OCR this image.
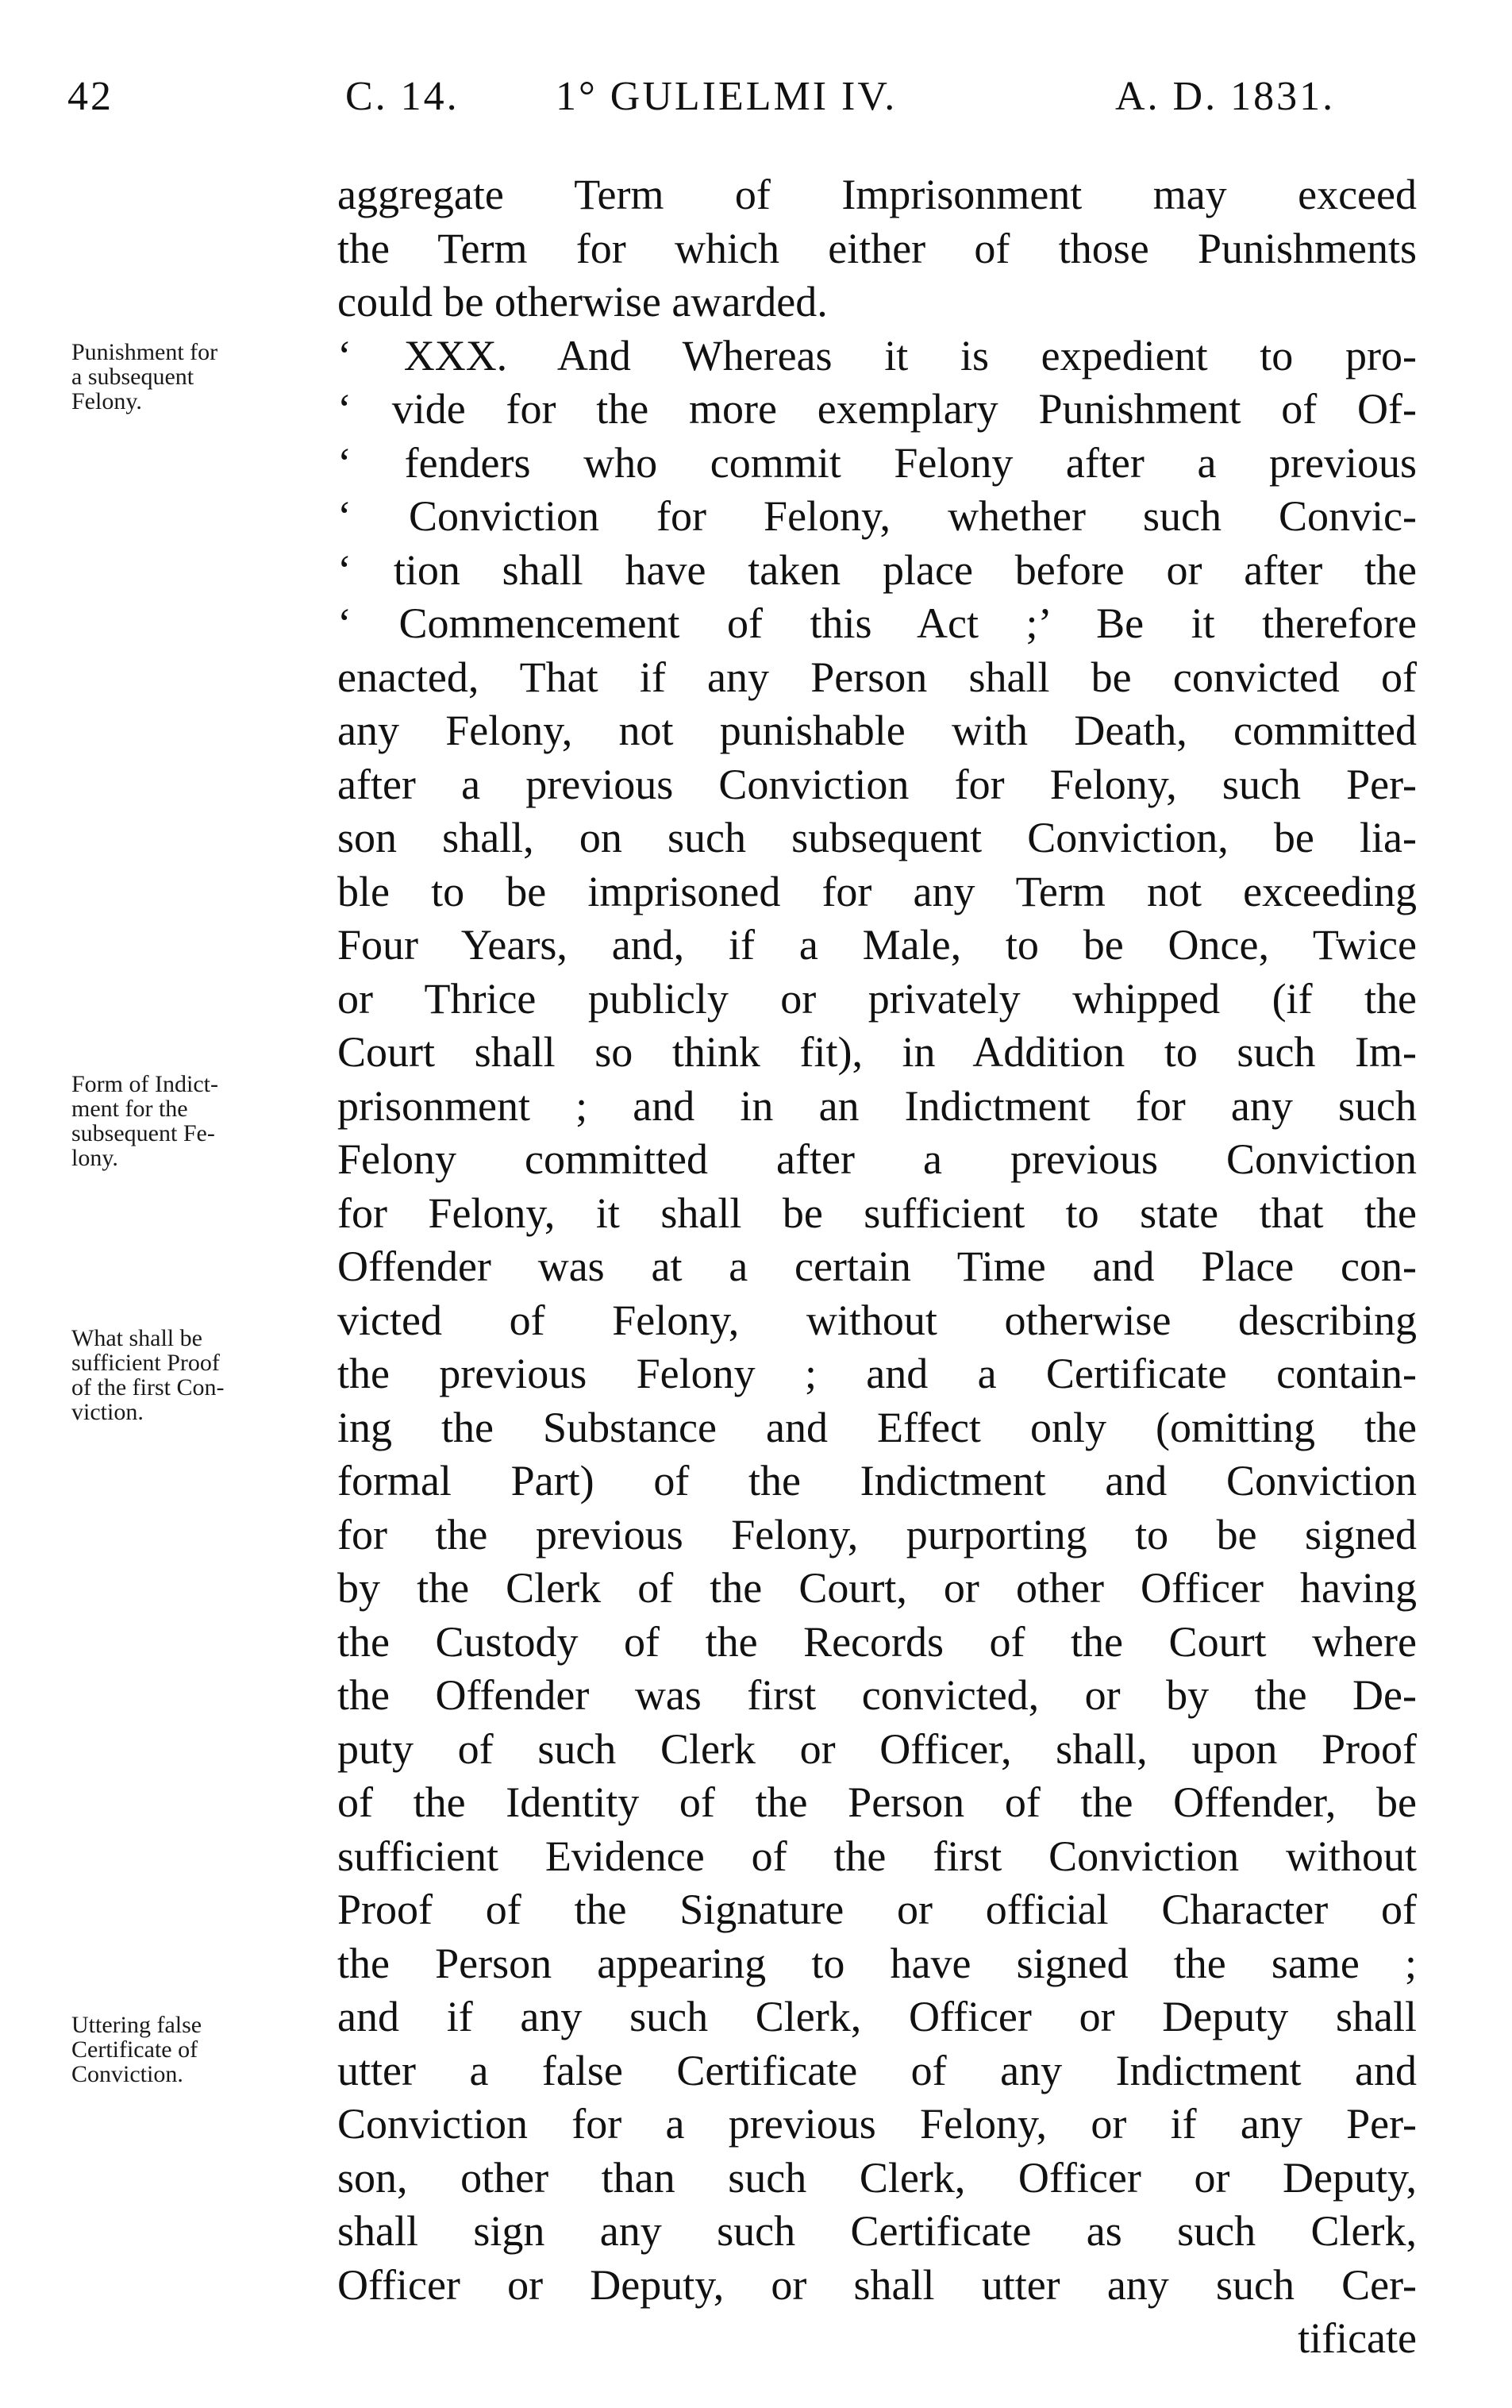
42	C. 14. 1° GULIELMI IV.	A. D. 1831.
Punishment for
a subsequent
Felony.
Form of Indict-
ment for the
subsequent Fe-
lony.
What shall be
sufficient Proof
of the first Con-
viction.
Uttering false
Certificate of
Conviction.
aggregate Term of Imprisonment may exceed
the Term for which either of those Punishments
could be otherwise awarded.
‘ XXX. And Whereas it is expedient to pro-
‘ vide for the more exemplary Punishment of Of-
‘ fenders who commit Felony after a previous
‘ Conviction for Felony, whether such Convic-
‘ tion shall have taken place before or after the
‘ Commencement of this Act ;’ Be it therefore
enacted, That if any Person shall be convicted of
any Felony, not punishable with Death, committed
after a previous Conviction for Felony, such Per-
son shall, on such subsequent Conviction, be lia-
ble to be imprisoned for any Term not exceeding
Four Years, and, if a Male, to be Once, Twice
or Thrice publicly or privately whipped (if the
Court shall so think fit), in Addition to such Im-
prisonment ; and in an Indictment for any such
Felony committed after a previous Conviction
for Felony, it shall be sufficient to state that the
Offender was at a certain Time and Place con-
victed of Felony, without otherwise describing
the previous Felony ; and a Certificate contain-
ing the Substance and Effect only (omitting the
formal Part) of the Indictment and Conviction
for the previous Felony, purporting to be signed
by the Clerk of the Court, or other Officer having
the Custody of the Records of the Court where
the Offender was first convicted, or by the De-
puty of such Clerk or Officer, shall, upon Proof
of the Identity of the Person of the Offender, be
sufficient Evidence of the first Conviction without
Proof of the Signature or official Character of
the Person appearing to have signed the same ;
and if any such Clerk, Officer or Deputy shall
utter a false Certificate of any Indictment and
Conviction for a previous Felony, or if any Per-
son, other than such Clerk, Officer or Deputy,
shall sign any such Certificate as such Clerk,
Officer or Deputy, or shall utter any such Cer-
tificate
